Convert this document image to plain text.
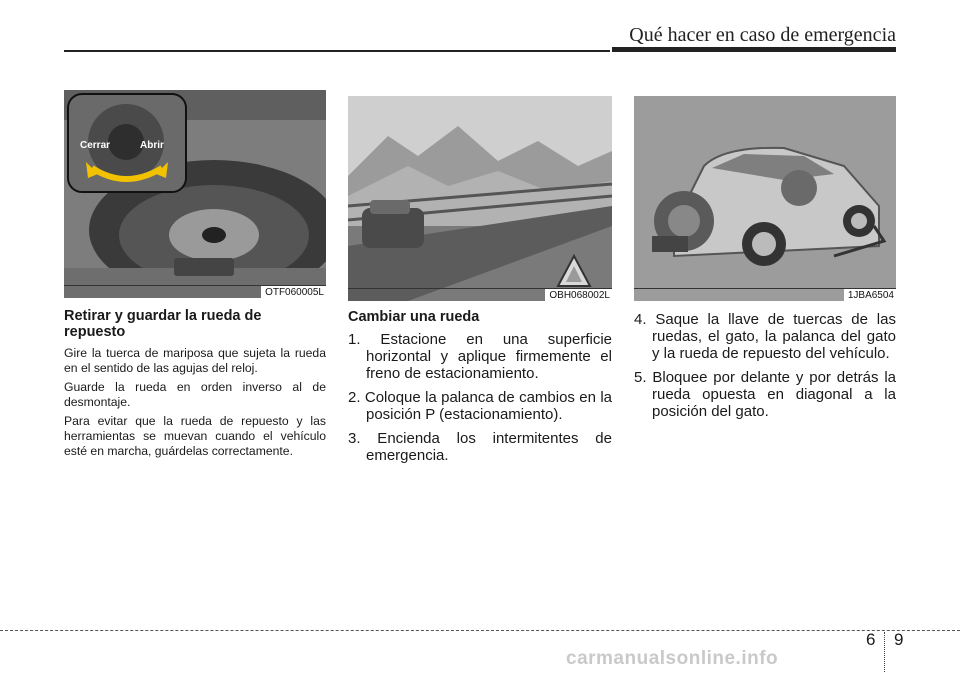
Qué hacer en caso de emergencia
Cerrar	Abrir
OTF060005L
Retirar y guardar la rueda de repuesto

Gire la tuerca de mariposa que sujeta la rueda en el sentido de las agujas del reloj.

Guarde la rueda en orden inverso al de desmontaje.

Para evitar que la rueda de repuesto y las herramientas se muevan cuando el vehículo esté en marcha, guárdelas correctamente.

OBH068002L
Cambiar una rueda
1. Estacione en una superficie horizontal y aplique firmemente el freno de estacionamiento.
2. Coloque la palanca de cambios en la posición P (estacionamiento).
3. Encienda los intermitentes de emergencia.
1JBA6504
4. Saque la llave de tuercas de las ruedas, el gato, la palanca del gato y la rueda de repuesto del vehículo.
5. Bloquee por delante y por detrás la rueda opuesta en diagonal a la posición del gato.
6 9
carmanualsonline.info
